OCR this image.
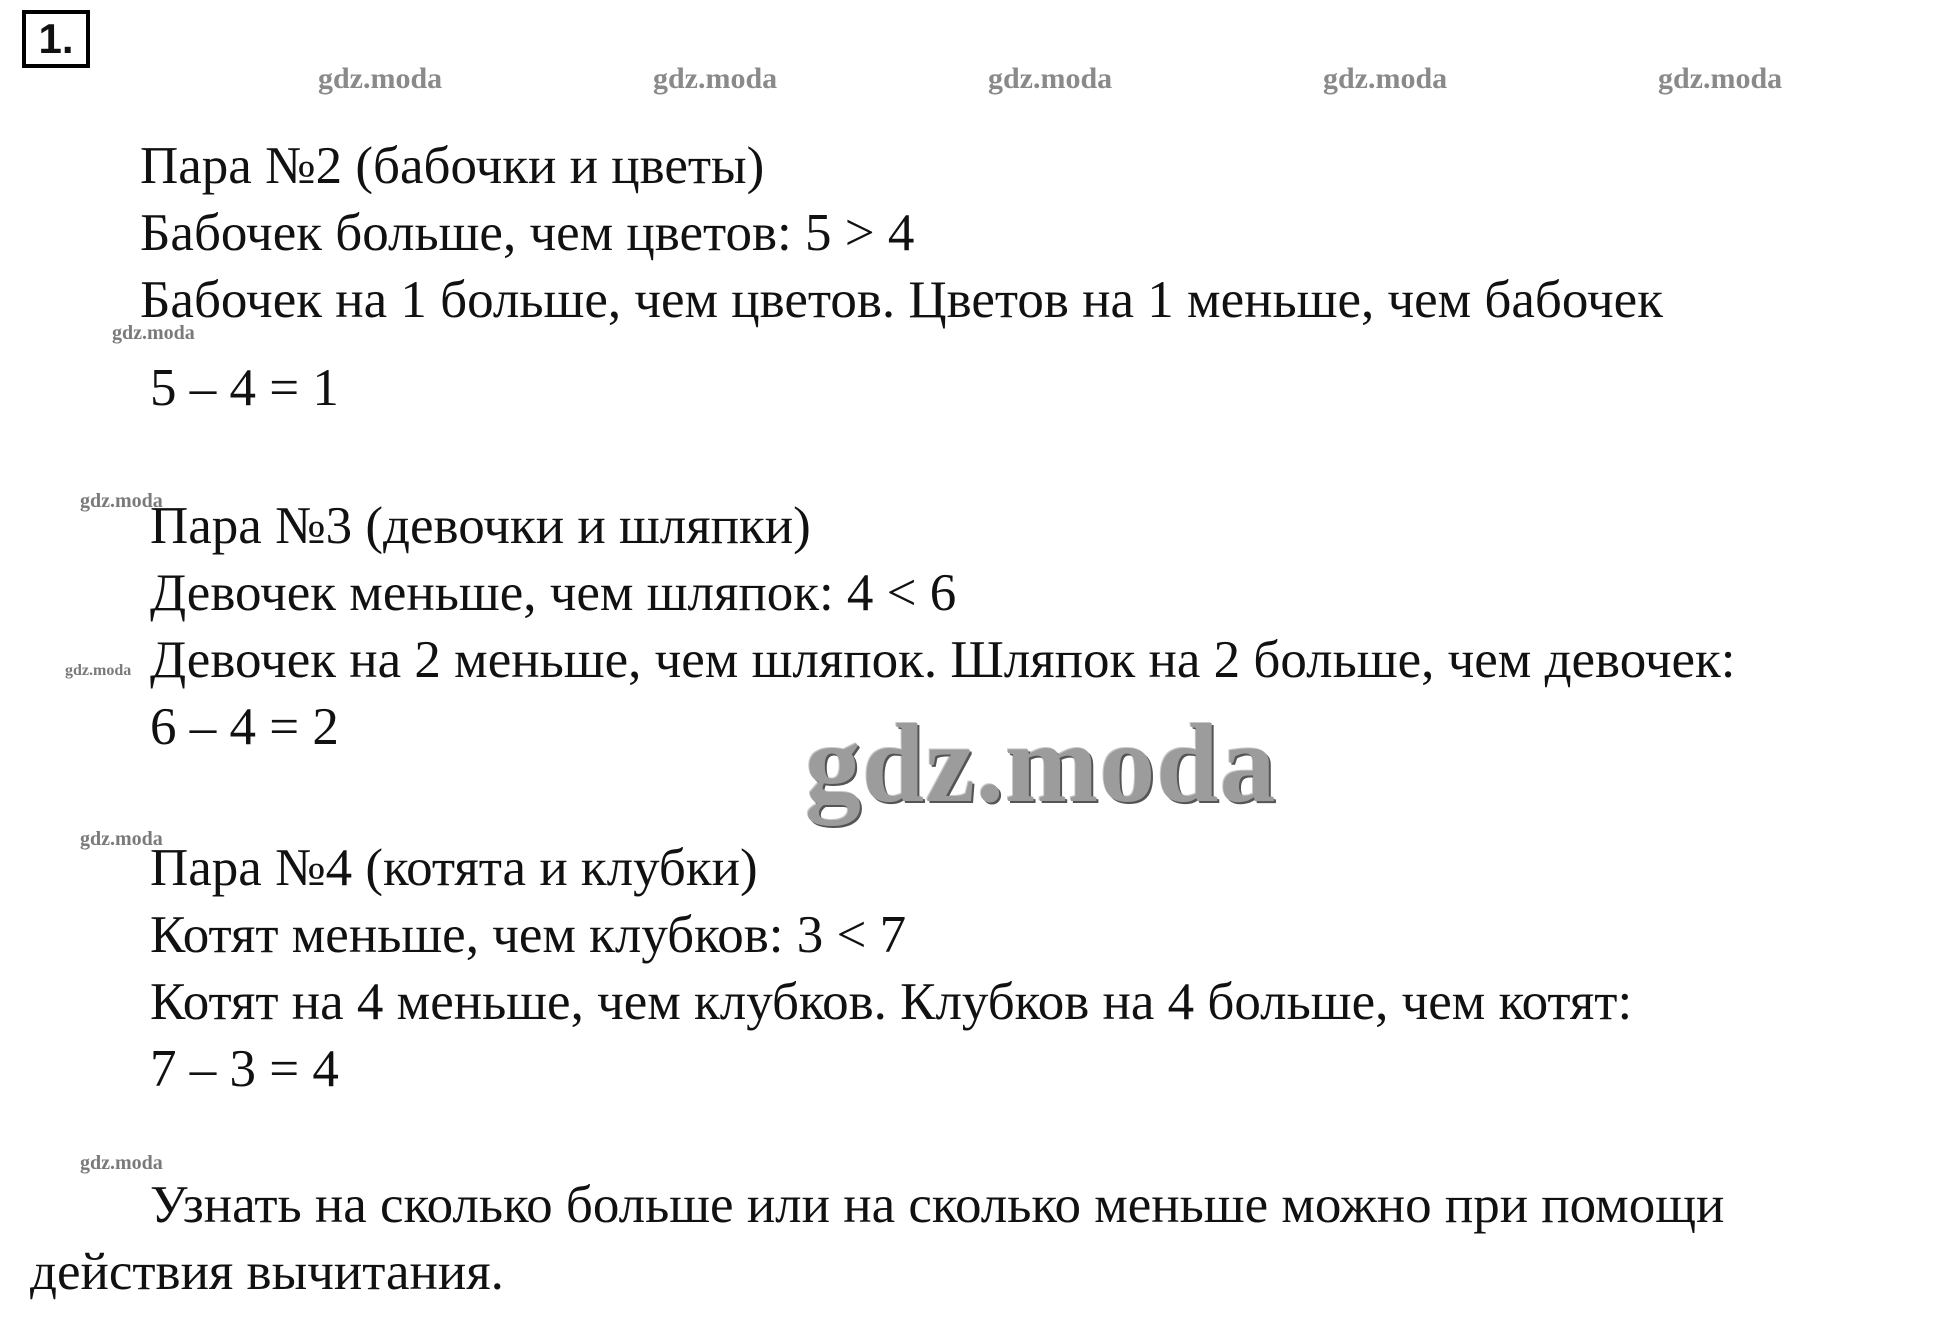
1.
gdz.moda	gdz.moda	gdz.moda	gdz.moda	gdz.moda
gdz.moda
gdz.moda
gdz.moda
gdz.moda
gdz.moda
gdz.moda
Пара №2 (бабочки и цветы)
Бабочек больше, чем цветов: 5 > 4
Бабочек на 1 больше, чем цветов. Цветов на 1 меньше, чем бабочек
5 – 4 = 1
Пара №3 (девочки и шляпки)
Девочек меньше, чем шляпок: 4 < 6
Девочек на 2 меньше, чем шляпок. Шляпок на 2 больше, чем девочек:
6 – 4 = 2
Пара №4 (котята и клубки)
Котят меньше, чем клубков: 3 < 7
Котят на 4 меньше, чем клубков. Клубков на 4 больше, чем котят:
7 – 3 = 4
Узнать на сколько больше или на сколько меньше можно при помощи
действия вычитания.
